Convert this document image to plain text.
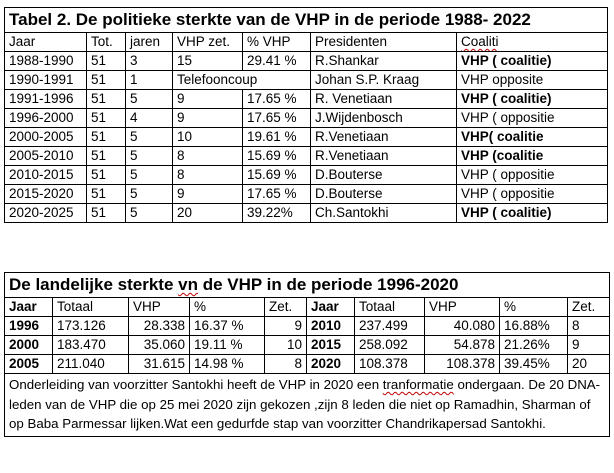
Tabel 2. De politieke sterkte van de VHP in de periode 1988- 2022						
Jaar	Tot.	jaren	VHP zet.	% VHP	Presidenten	Coaliti
1988-1990	51	3	15	29.41 %	R.Shankar	VHP ( coalitie)
1990-1991	51	1	Telefooncoup		Johan S.P. Kraag	VHP opposite
1991-1996	51	5	9	17.65 %	R. Venetiaan	VHP ( coalitie)
1996-2000	51	4	9	17.65 %	J.Wijdenbosch	VHP ( oppositie
2000-2005	51	5	10	19.61 %	R.Venetiaan	VHP( coalitie
2005-2010	51	5	8	15.69 %	R.Venetiaan	VHP (coalitie
2010-2015	51	5	8	15.69 %	D.Bouterse	VHP ( oppositie
2015-2020	51	5	9	17.65 %	D.Bouterse	VHP ( oppositie
2020-2025	51	5	20	39.22%	Ch.Santokhi	VHP ( coalitie)
De landelijke sterkte vn de VHP in de periode 1996-2020									
Jaar	Totaal	VHP	%	Zet.	Jaar	Totaal	VHP	%	Zet.
1996	173.126	28.338	16.37 %	9	2010	237.499	40.080	16.88%	8
2000	183.470	35.060	19.11 %	10	2015	258.092	54.878	21.26%	9
2005	211.040	31.615	14.98 %	8	2020	108.378	108.378	39.45%	20
Onderleiding van voorzitter Santokhi heeft de VHP in 2020 een tranformatie ondergaan. De 20 DNA-leden van de VHP die op 25 mei 2020 zijn gekozen ,zijn 8 leden die niet op Ramadhin, Sharman of op Baba Parmessar lijken.Wat een gedurfde stap van voorzitter Chandrikapersad Santokhi.									
